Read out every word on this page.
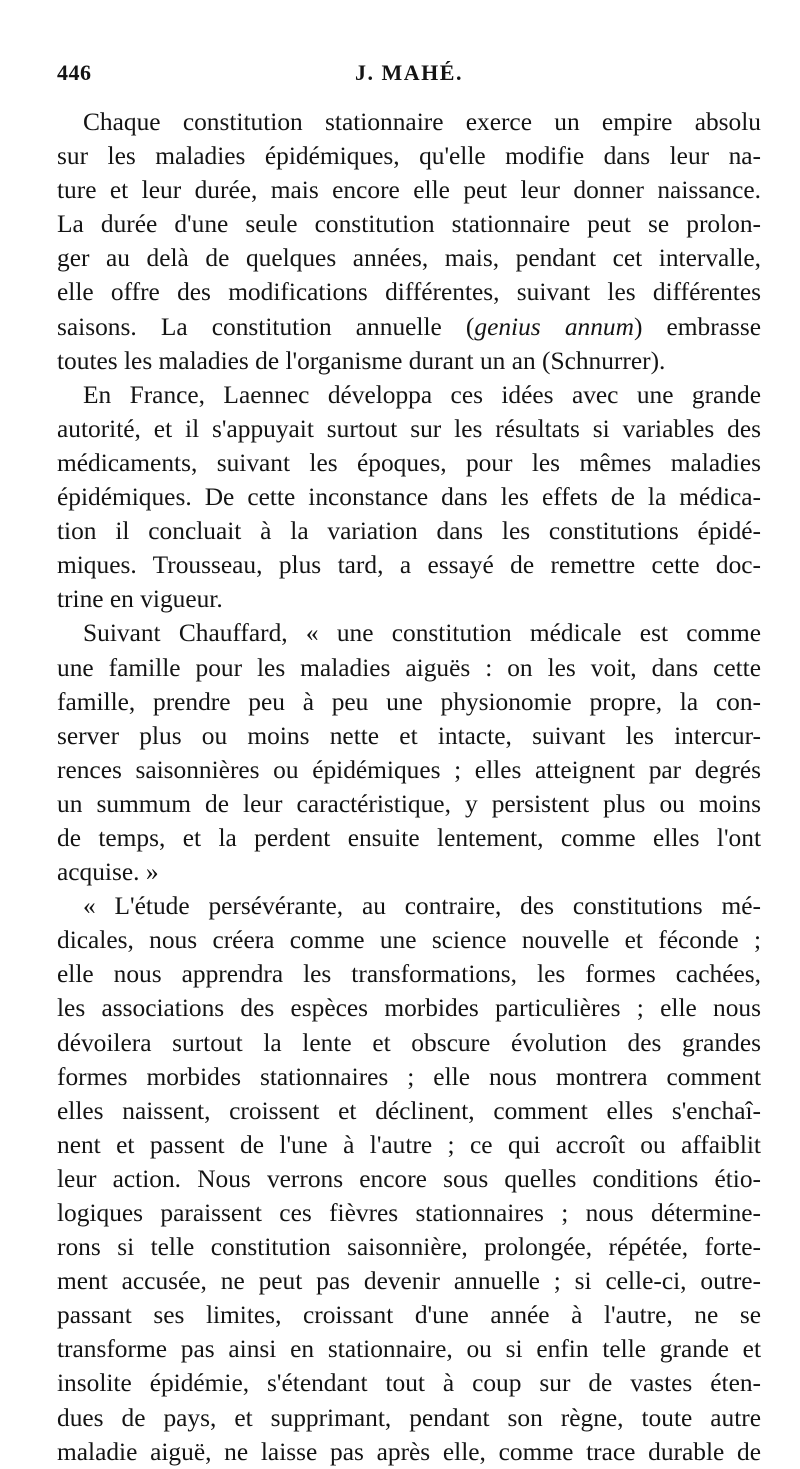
446	J. MAHÉ.
Chaque constitution stationnaire exerce un empire absolu
sur les maladies épidémiques, qu'elle modifie dans leur na-
ture et leur durée, mais encore elle peut leur donner naissance.
La durée d'une seule constitution stationnaire peut se prolon-
ger au delà de quelques années, mais, pendant cet intervalle,
elle offre des modifications différentes, suivant les différentes
saisons. La constitution annuelle (genius annum) embrasse
toutes les maladies de l'organisme durant un an (Schnurrer).
En France, Laennec développa ces idées avec une grande
autorité, et il s'appuyait surtout sur les résultats si variables des
médicaments, suivant les époques, pour les mêmes maladies
épidémiques. De cette inconstance dans les effets de la médica-
tion il concluait à la variation dans les constitutions épidé-
miques. Trousseau, plus tard, a essayé de remettre cette doc-
trine en vigueur.
Suivant Chauffard, « une constitution médicale est comme
une famille pour les maladies aiguës : on les voit, dans cette
famille, prendre peu à peu une physionomie propre, la con-
server plus ou moins nette et intacte, suivant les intercur-
rences saisonnières ou épidémiques ; elles atteignent par degrés
un summum de leur caractéristique, y persistent plus ou moins
de temps, et la perdent ensuite lentement, comme elles l'ont
acquise. »
« L'étude persévérante, au contraire, des constitutions mé-
dicales, nous créera comme une science nouvelle et féconde ;
elle nous apprendra les transformations, les formes cachées,
les associations des espèces morbides particulières ; elle nous
dévoilera surtout la lente et obscure évolution des grandes
formes morbides stationnaires ; elle nous montrera comment
elles naissent, croissent et déclinent, comment elles s'enchaî-
nent et passent de l'une à l'autre ; ce qui accroît ou affaiblit
leur action. Nous verrons encore sous quelles conditions étio-
logiques paraissent ces fièvres stationnaires ; nous détermine-
rons si telle constitution saisonnière, prolongée, répétée, forte-
ment accusée, ne peut pas devenir annuelle ; si celle-ci, outre-
passant ses limites, croissant d'une année à l'autre, ne se
transforme pas ainsi en stationnaire, ou si enfin telle grande et
insolite épidémie, s'étendant tout à coup sur de vastes éten-
dues de pays, et supprimant, pendant son règne, toute autre
maladie aiguë, ne laisse pas après elle, comme trace durable de
